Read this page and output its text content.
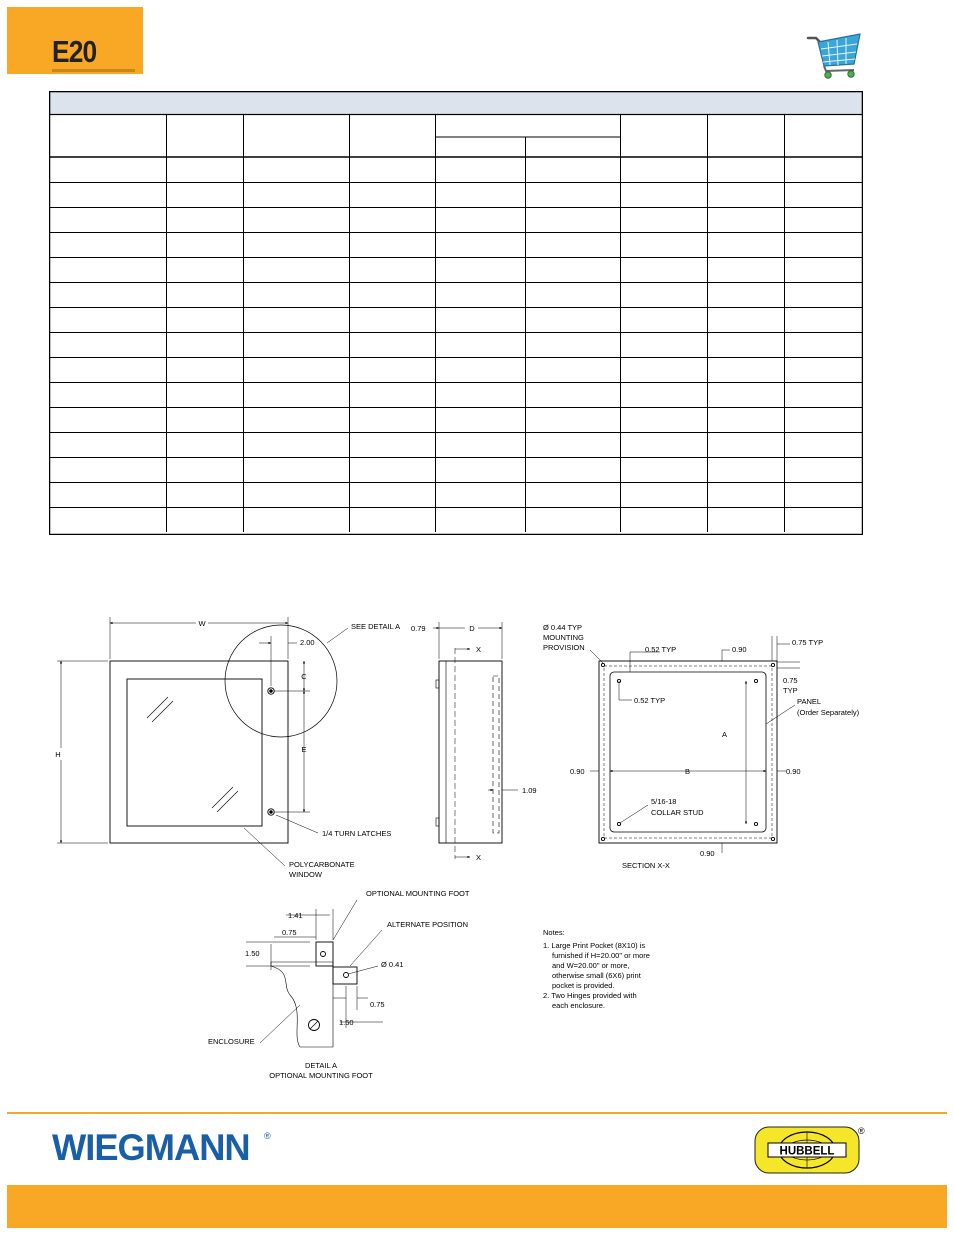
E20
W
H
2.00
C
E
SEE DETAIL A
1/4 TURN LATCHES
POLYCARBONATE
WINDOW
0.79	D
X
X
1.09
Ø 0.44 TYP
MOUNTING
PROVISION	0.52 TYP
0.52 TYP
0.90
0.75 TYP
0.75
TYP
PANEL
(Order Separately)
A
B
0.90	0.90
0.90
5/16-18
COLLAR STUD
SECTION X-X
OPTIONAL MOUNTING FOOT
ALTERNATE POSITION
1.41
0.75
1.50
Ø 0.41
0.75
1.50
ENCLOSURE
DETAIL A
OPTIONAL MOUNTING FOOT
Notes:
1. Large Print Pocket (8X10) is
furnished if H=20.00" or more
and W=20.00" or more,
otherwise small (6X6) print
pocket is provided.
2. Two Hinges provided with
each enclosure.
WIEGMANN ®
HUBBELL
®
